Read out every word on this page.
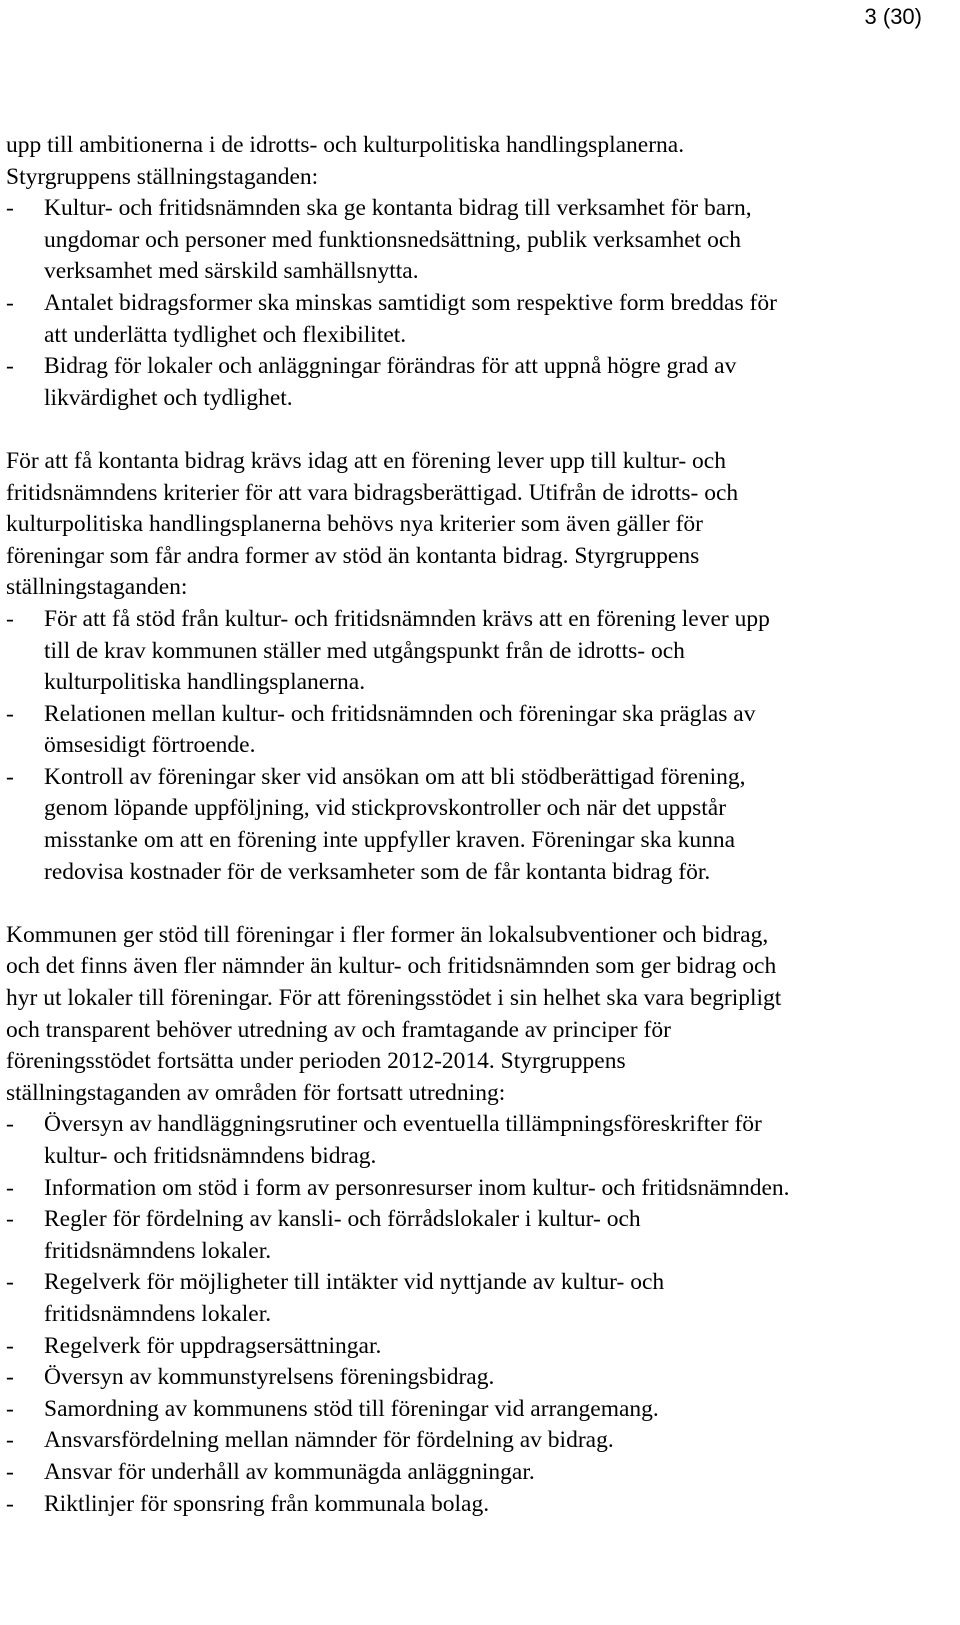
3 (30)
upp till ambitionerna i de idrotts- och kulturpolitiska handlingsplanerna.
Styrgruppens ställningstaganden:
-	Kultur- och fritidsnämnden ska ge kontanta bidrag till verksamhet för barn,
ungdomar och personer med funktionsnedsättning, publik verksamhet och
verksamhet med särskild samhällsnytta.
-	Antalet bidragsformer ska minskas samtidigt som respektive form breddas för
att underlätta tydlighet och flexibilitet.
-	Bidrag för lokaler och anläggningar förändras för att uppnå högre grad av
likvärdighet och tydlighet.
För att få kontanta bidrag krävs idag att en förening lever upp till kultur- och
fritidsnämndens kriterier för att vara bidragsberättigad. Utifrån de idrotts- och
kulturpolitiska handlingsplanerna behövs nya kriterier som även gäller för
föreningar som får andra former av stöd än kontanta bidrag. Styrgruppens
ställningstaganden:
-	För att få stöd från kultur- och fritidsnämnden krävs att en förening lever upp
till de krav kommunen ställer med utgångspunkt från de idrotts- och
kulturpolitiska handlingsplanerna.
-	Relationen mellan kultur- och fritidsnämnden och föreningar ska präglas av
ömsesidigt förtroende.
-	Kontroll av föreningar sker vid ansökan om att bli stödberättigad förening,
genom löpande uppföljning, vid stickprovskontroller och när det uppstår
misstanke om att en förening inte uppfyller kraven. Föreningar ska kunna
redovisa kostnader för de verksamheter som de får kontanta bidrag för.
Kommunen ger stöd till föreningar i fler former än lokalsubventioner och bidrag,
och det finns även fler nämnder än kultur- och fritidsnämnden som ger bidrag och
hyr ut lokaler till föreningar. För att föreningsstödet i sin helhet ska vara begripligt
och transparent behöver utredning av och framtagande av principer för
föreningsstödet fortsätta under perioden 2012-2014. Styrgruppens
ställningstaganden av områden för fortsatt utredning:
-	Översyn av handläggningsrutiner och eventuella tillämpningsföreskrifter för
kultur- och fritidsnämndens bidrag.
-	Information om stöd i form av personresurser inom kultur- och fritidsnämnden.
-	Regler för fördelning av kansli- och förrådslokaler i kultur- och
fritidsnämndens lokaler.
-	Regelverk för möjligheter till intäkter vid nyttjande av kultur- och
fritidsnämndens lokaler.
-	Regelverk för uppdragsersättningar.
-	Översyn av kommunstyrelsens föreningsbidrag.
-	Samordning av kommunens stöd till föreningar vid arrangemang.
-	Ansvarsfördelning mellan nämnder för fördelning av bidrag.
-	Ansvar för underhåll av kommunägda anläggningar.
-	Riktlinjer för sponsring från kommunala bolag.
